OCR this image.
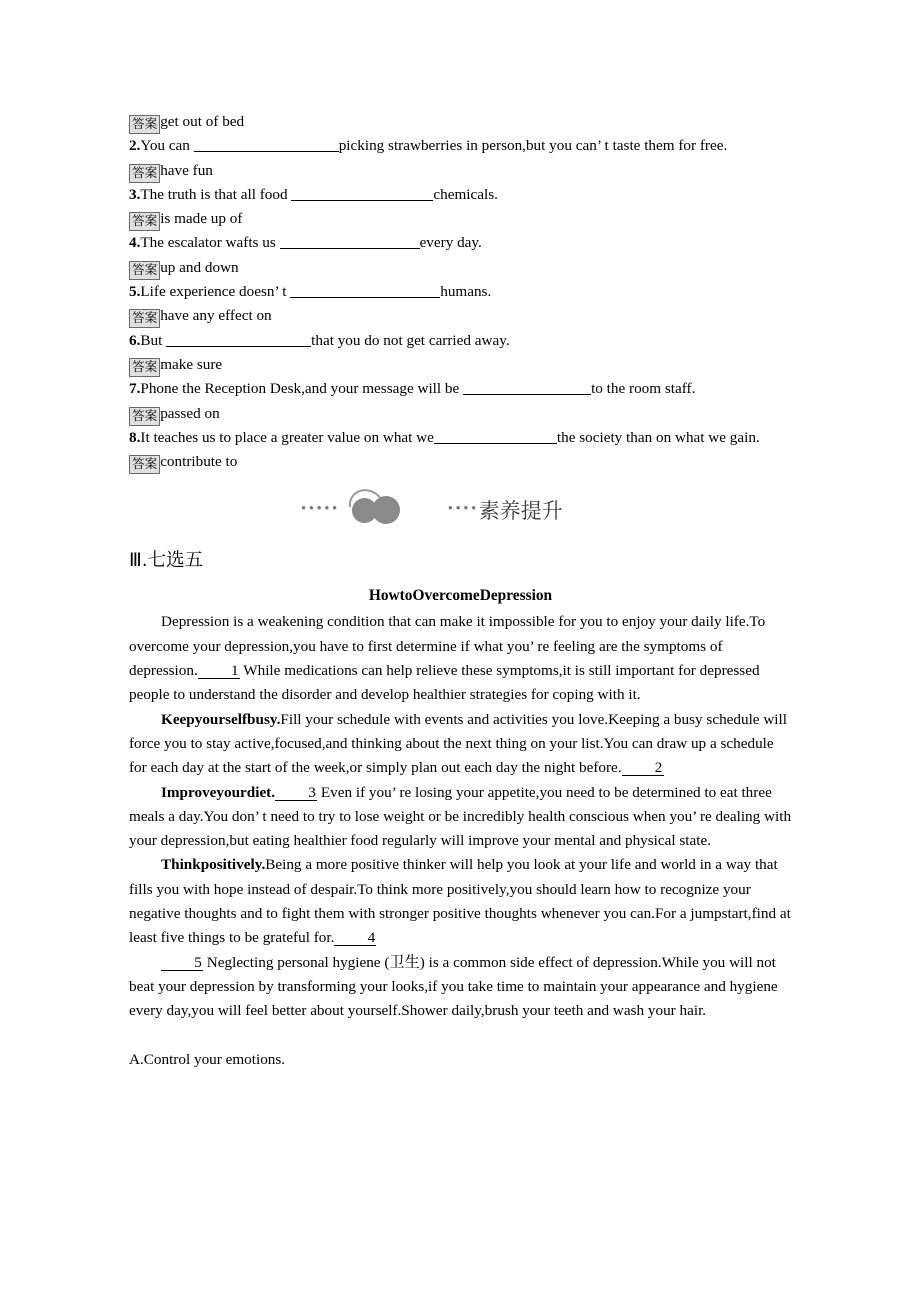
答案 get out of bed

2.You can	picking strawberries in person,but you can’ t taste them for free.

答案 have fun

3.The truth is that all food	chemicals.

答案 is made up of

4.The escalator wafts us	every day.

答案 up and down

5.Life experience doesn’ t	humans.

答案 have any effect on

6.But	that you do not get carried away.

答案 make sure

7.Phone the Reception Desk,and your message will be	to the room staff.

答案 passed on

8.It teaches us to place a greater value on what we	the society than on what we gain.

答案 contribute to

•••••	•••• 素养提升
Ⅲ.七选五

HowtoOvercomeDepression

Depression is a weakening condition that can make it impossible for you to enjoy your daily life.To overcome your depression,you have to first determine if what you’ re feeling are the symptoms of depression. 1 While medications can help relieve these symptoms,it is still important for depressed people to understand the disorder and develop healthier strategies for coping with it.

Keepyourselfbusy.Fill your schedule with events and activities you love.Keeping a busy schedule will force you to stay active,focused,and thinking about the next thing on your list.You can draw up a schedule for each day at the start of the week,or simply plan out each day the night before. 2

Improveyourdiet. 3 Even if you’ re losing your appetite,you need to be determined to eat three meals a day.You don’ t need to try to lose weight or be incredibly health conscious when you’ re dealing with your depression,but eating healthier food regularly will improve your mental and physical state.

Thinkpositively.Being a more positive thinker will help you look at your life and world in a way that fills you with hope instead of despair.To think more positively,you should learn how to recognize your negative thoughts and to fight them with stronger positive thoughts whenever you can.For a jumpstart,find at least five things to be grateful for. 4

5 Neglecting personal hygiene (卫生) is a common side effect of depression.While you will not beat your depression by transforming your looks,if you take time to maintain your appearance and hygiene every day,you will feel better about yourself.Shower daily,brush your teeth and wash your hair.

A.Control your emotions.
